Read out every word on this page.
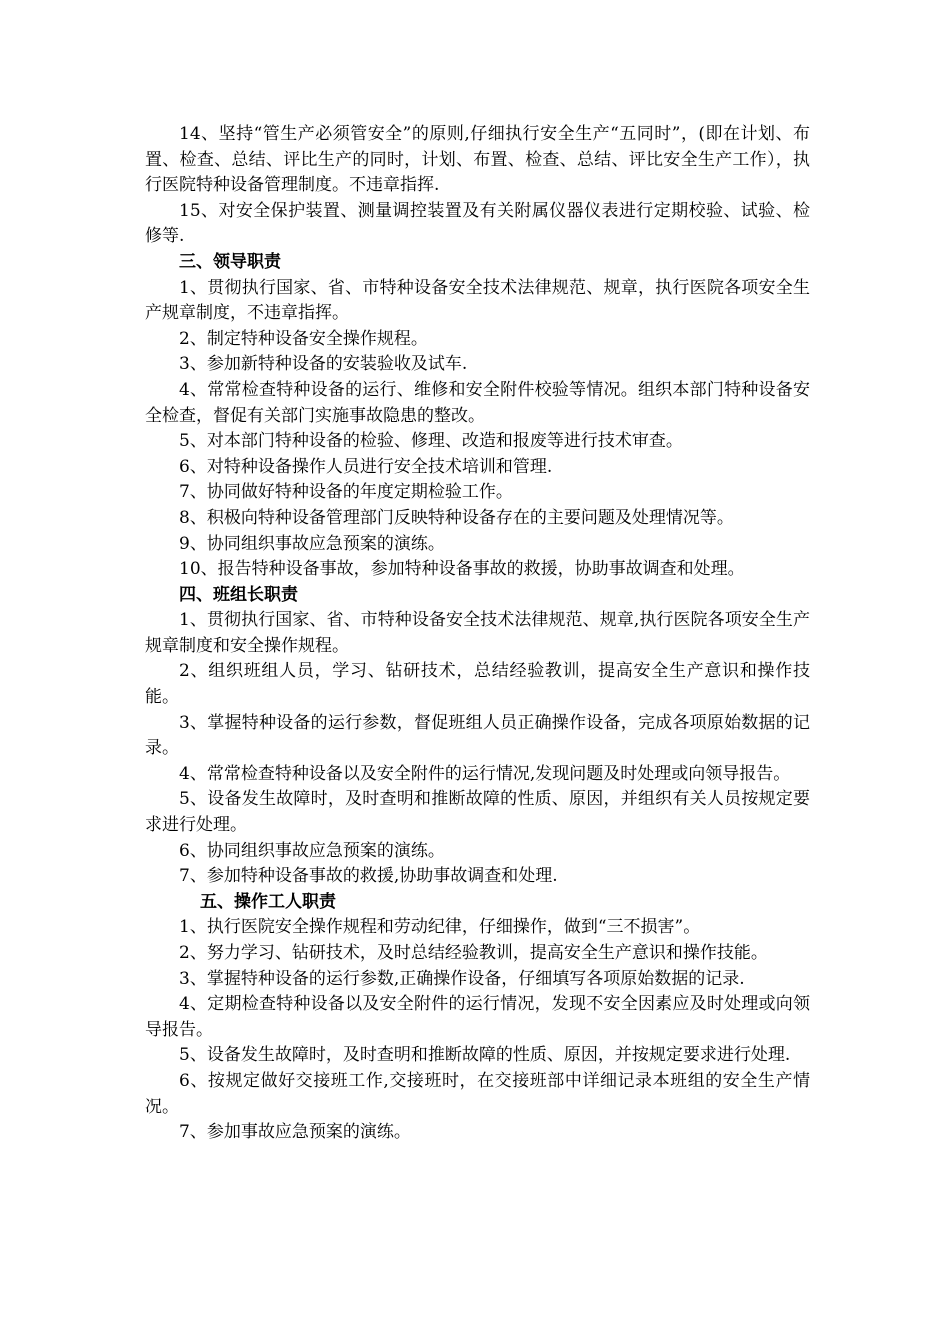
14、坚持“管生产必须管安全”的原则,仔细执行安全生产“五同时”，(即在计划、布置、检查、总结、评比生产的同时，计划、布置、检查、总结、评比安全生产工作），执行医院特种设备管理制度。不违章指挥.

15、对安全保护装置、测量调控装置及有关附属仪器仪表进行定期校验、试验、检修等.

三、领导职责

1、贯彻执行国家、省、市特种设备安全技术法律规范、规章，执行医院各项安全生产规章制度，不违章指挥。

2、制定特种设备安全操作规程。

3、参加新特种设备的安装验收及试车.

4、常常检查特种设备的运行、维修和安全附件校验等情况。组织本部门特种设备安全检查，督促有关部门实施事故隐患的整改。

5、对本部门特种设备的检验、修理、改造和报废等进行技术审查。

6、对特种设备操作人员进行安全技术培训和管理.

7、协同做好特种设备的年度定期检验工作。

8、积极向特种设备管理部门反映特种设备存在的主要问题及处理情况等。

9、协同组织事故应急预案的演练。

10、报告特种设备事故，参加特种设备事故的救援，协助事故调查和处理。

四、班组长职责

1、贯彻执行国家、省、市特种设备安全技术法律规范、规章,执行医院各项安全生产规章制度和安全操作规程。

2、组织班组人员，学习、钻研技术，总结经验教训，提高安全生产意识和操作技能。

3、掌握特种设备的运行参数，督促班组人员正确操作设备，完成各项原始数据的记录。

4、常常检查特种设备以及安全附件的运行情况,发现问题及时处理或向领导报告。

5、设备发生故障时，及时查明和推断故障的性质、原因，并组织有关人员按规定要求进行处理。

6、协同组织事故应急预案的演练。

7、参加特种设备事故的救援,协助事故调查和处理.

五、操作工人职责

1、执行医院安全操作规程和劳动纪律，仔细操作，做到“三不损害”。

2、努力学习、钻研技术，及时总结经验教训，提高安全生产意识和操作技能。

3、掌握特种设备的运行参数,正确操作设备，仔细填写各项原始数据的记录.

4、定期检查特种设备以及安全附件的运行情况，发现不安全因素应及时处理或向领导报告。

5、设备发生故障时，及时查明和推断故障的性质、原因，并按规定要求进行处理.

6、按规定做好交接班工作,交接班时，在交接班部中详细记录本班组的安全生产情况。

7、参加事故应急预案的演练。
